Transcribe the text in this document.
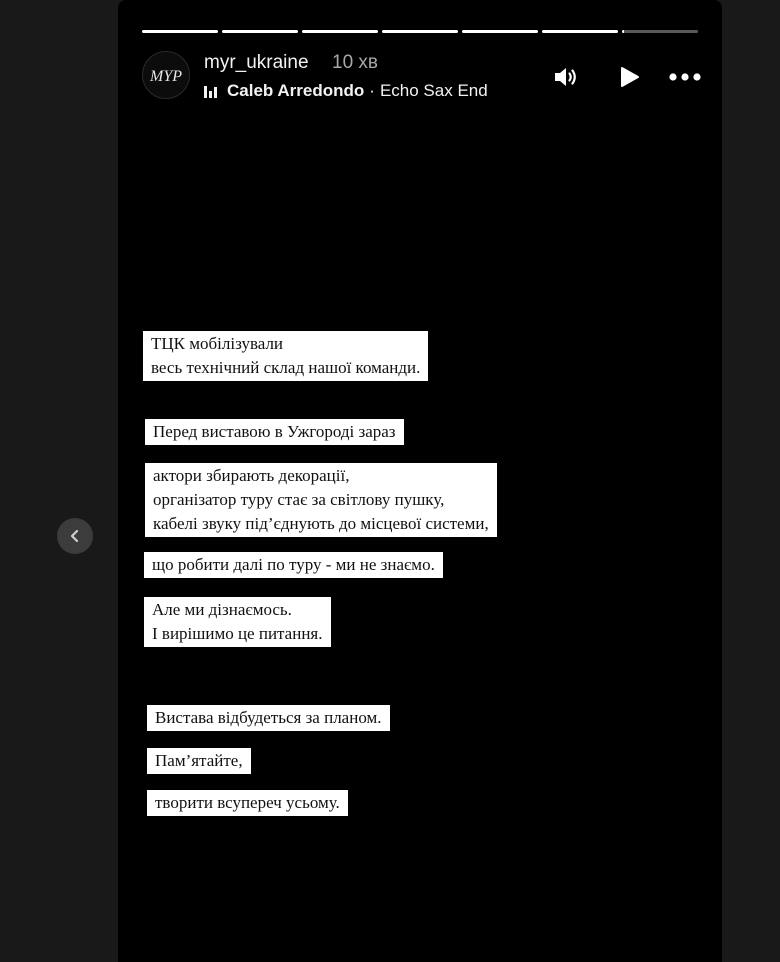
MYP
myr_ukraine 10 хв
Caleb Arredondo · Echo Sax End
ТЦК мобілізували
весь технічний склад нашої команди.
Перед виставою в Ужгороді зараз
актори збирають декорації,
організатор туру стає за світлову пушку,
кабелі звуку під’єднують до місцевої системи,
що робити далі по туру - ми не знаємо.
Але ми дізнаємось.
І вирішимо це питання.
Вистава відбудеться за планом.
Пам’ятайте,
творити всупереч усьому.
